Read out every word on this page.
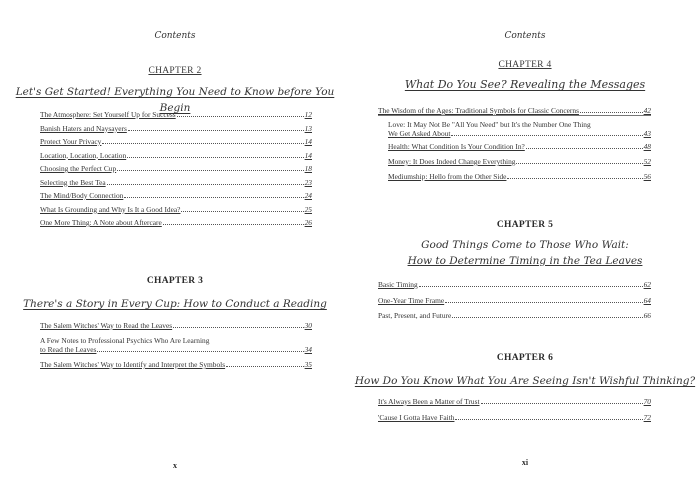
Contents
CHAPTER 2
Let's Get Started! Everything You Need to Know before You Begin
The Atmosphere: Set Yourself Up for Success	12
Banish Haters and Naysayers	13
Protect Your Privacy	14
Location, Location, Location	14
Choosing the Perfect Cup	18
Selecting the Best Tea	23
The Mind/Body Connection	24
What Is Grounding and Why Is It a Good Idea?	25
One More Thing: A Note about Aftercare	26
CHAPTER 3
There's a Story in Every Cup: How to Conduct a Reading
The Salem Witches' Way to Read the Leaves	30
A Few Notes to Professional Psychics Who Are Learning
to Read the Leaves	34
The Salem Witches' Way to Identify and Interpret the Symbols	35
x
Contents
CHAPTER 4
What Do You See? Revealing the Messages
The Wisdom of the Ages: Traditional Symbols for Classic Concerns	42
Love: It May Not Be "All You Need" but It's the Number One Thing
We Get Asked About	43
Health: What Condition Is Your Condition In?	48
Money: It Does Indeed Change Everything	52
Mediumship: Hello from the Other Side	56
CHAPTER 5
Good Things Come to Those Who Wait:
How to Determine Timing in the Tea Leaves
Basic Timing	62
One-Year Time Frame	64
Past, Present, and Future	66
CHAPTER 6
How Do You Know What You Are Seeing Isn't Wishful Thinking?
It's Always Been a Matter of Trust	70
'Cause I Gotta Have Faith	72
xi
